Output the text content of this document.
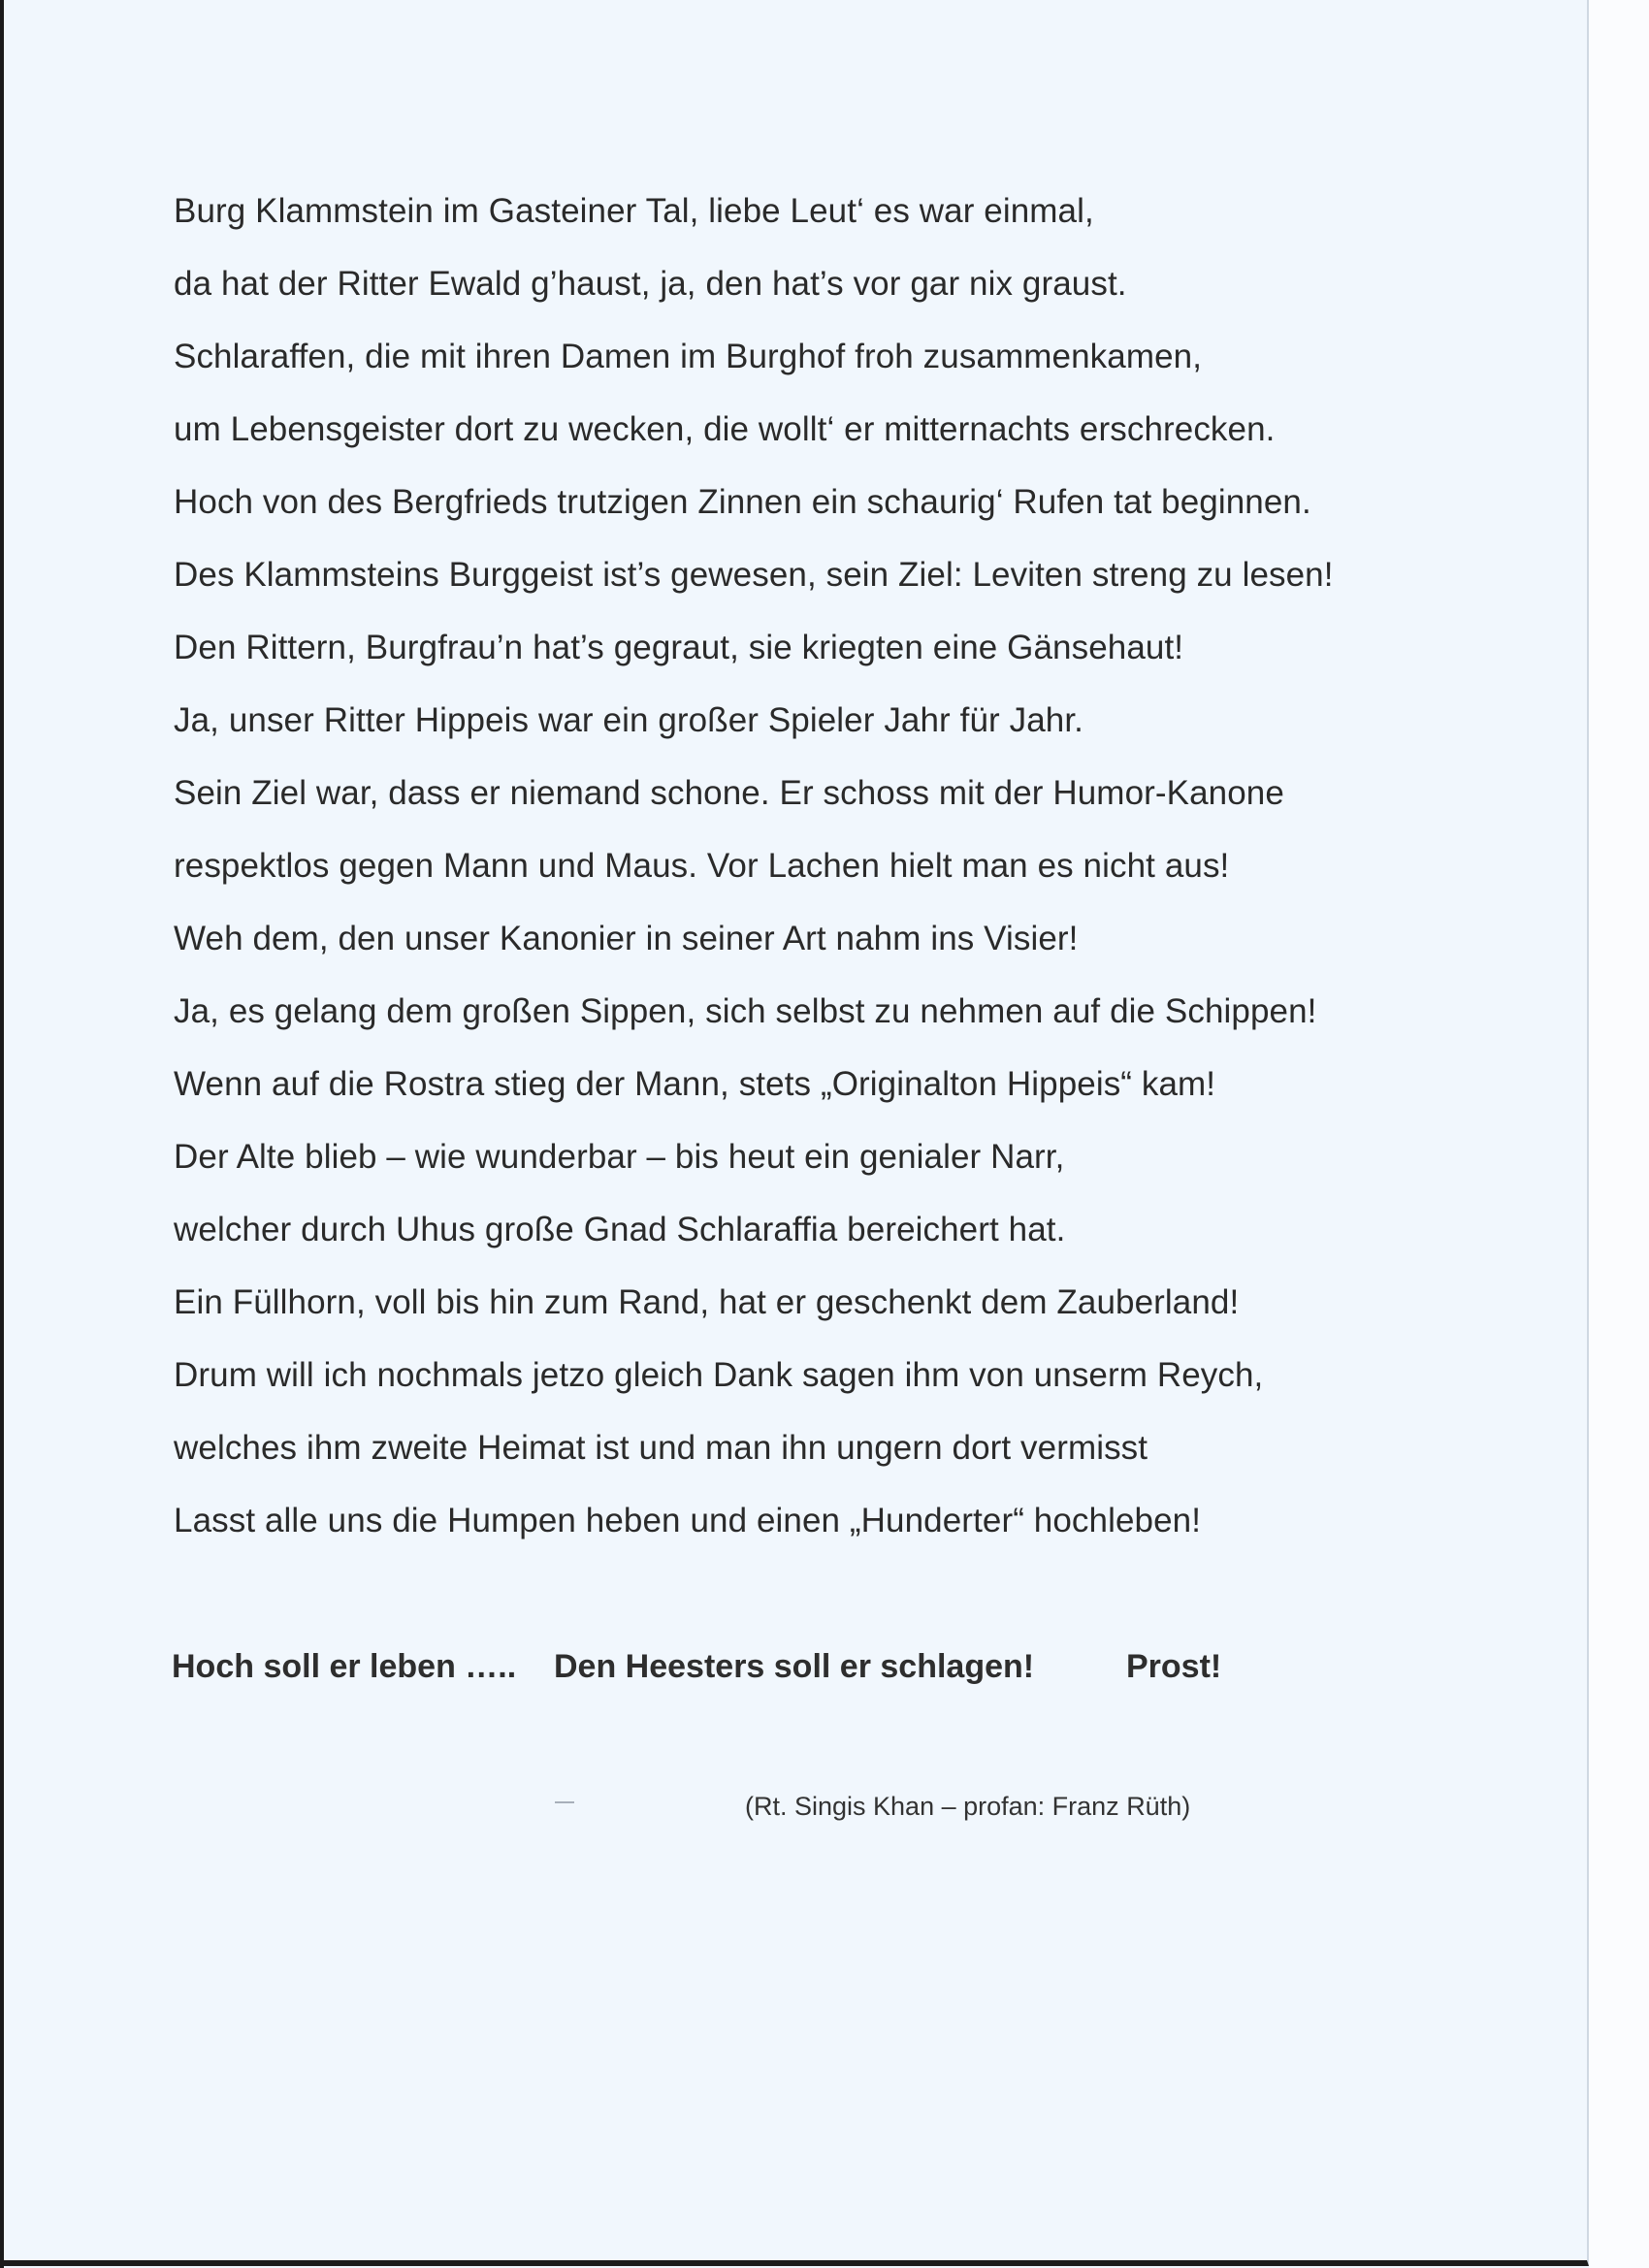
Burg Klammstein im Gasteiner Tal, liebe Leut‘ es war einmal,
da hat der Ritter Ewald g’haust, ja, den hat’s vor gar nix graust.
Schlaraffen, die mit ihren Damen im Burghof froh zusammenkamen,
um Lebensgeister dort zu wecken, die wollt‘ er mitternachts erschrecken.
Hoch von des Bergfrieds trutzigen Zinnen ein schaurig‘ Rufen tat beginnen.
Des Klammsteins Burggeist ist’s gewesen, sein Ziel: Leviten streng zu lesen!
Den Rittern, Burgfrau’n hat’s gegraut, sie kriegten eine Gänsehaut!
Ja, unser Ritter Hippeis war ein großer Spieler Jahr für Jahr.
Sein Ziel war, dass er niemand schone. Er schoss mit der Humor-Kanone
respektlos gegen Mann und Maus. Vor Lachen hielt man es nicht aus!
Weh dem, den unser Kanonier in seiner Art nahm ins Visier!
Ja, es gelang dem großen Sippen, sich selbst zu nehmen auf die Schippen!
Wenn auf die Rostra stieg der Mann, stets „Originalton Hippeis“ kam!
Der Alte blieb – wie wunderbar – bis heut ein genialer Narr,
welcher durch Uhus große Gnad Schlaraffia bereichert hat.
Ein Füllhorn, voll bis hin zum Rand, hat er geschenkt dem Zauberland!
Drum will ich nochmals jetzo gleich Dank sagen ihm von unserm Reych,
welches ihm zweite Heimat ist und man ihn ungern dort vermisst
Lasst alle uns die Humpen heben und einen „Hunderter“ hochleben!
Hoch soll er leben ….. Den Heesters soll er schlagen!	Prost!
(Rt. Singis Khan – profan: Franz Rüth)
